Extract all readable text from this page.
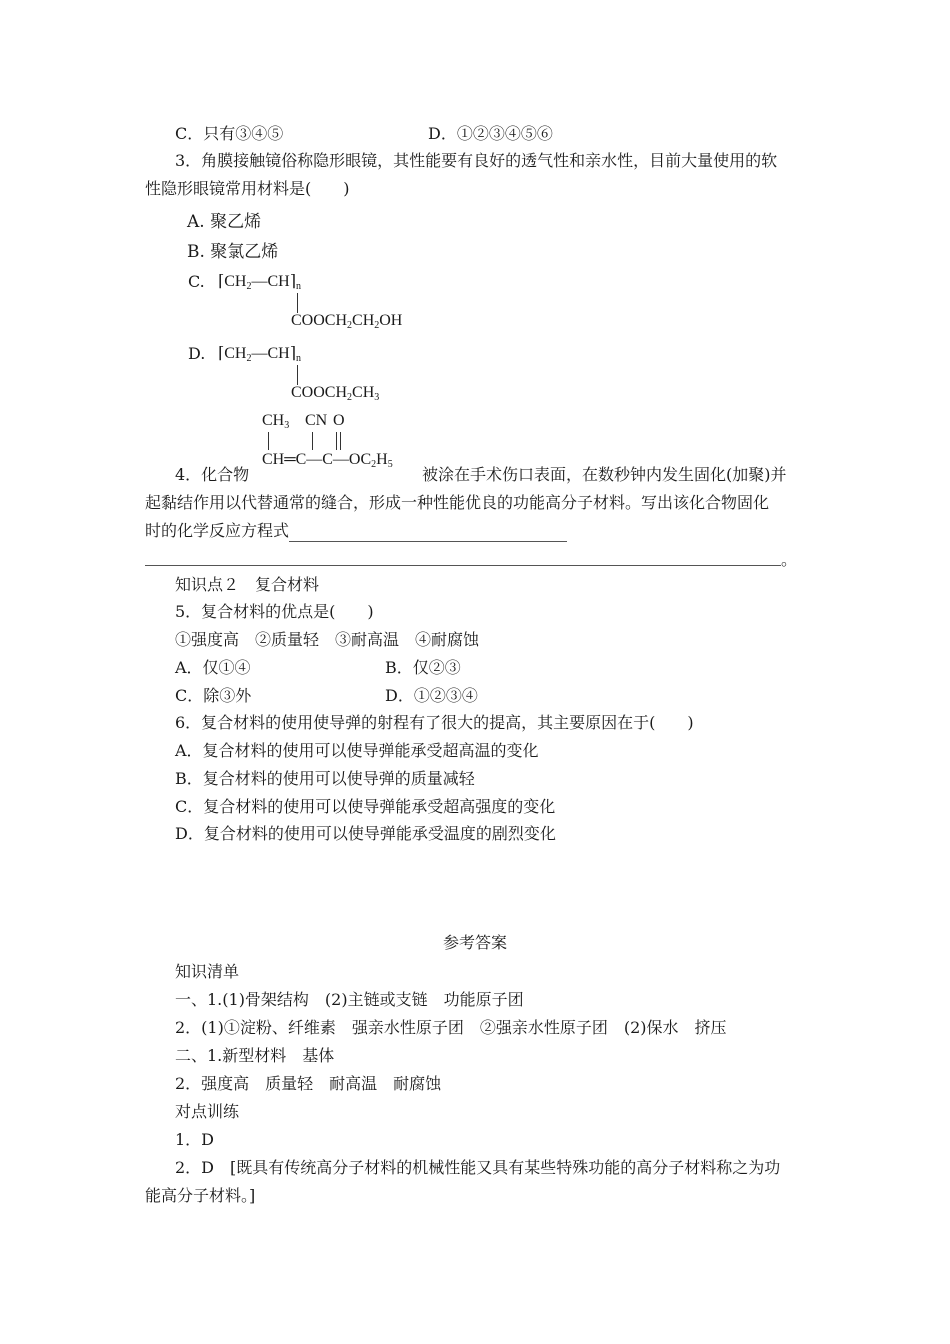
C．只有③④⑤	D．①②③④⑤⑥
3．角膜接触镜俗称隐形眼镜，其性能要有良好的透气性和亲水性，目前大量使用的软
性隐形眼镜常用材料是(　　)
A. 聚乙烯
B. 聚氯乙烯
C. $⌈CH_2—CH⌉_n$
$COOCH_2CH_2OH$
D. $⌈CH_2—CH⌉_n$
$COOCH_2CH_3$
$CH_3$ CN O
$CH═C—C—OC_2H_5$
4．化合物	被涂在手术伤口表面，在数秒钟内发生固化(加聚)并
起黏结作用以代替通常的缝合，形成一种性能优良的功能高分子材料。写出该化合物固化
时的化学反应方程式
。
知识点２　复合材料
5．复合材料的优点是(　　)
①强度高　②质量轻　③耐高温　④耐腐蚀
A．仅①④	B．仅②③
C．除③外	D．①②③④
6．复合材料的使用使导弹的射程有了很大的提高，其主要原因在于(　　)
A．复合材料的使用可以使导弹能承受超高温的变化
B．复合材料的使用可以使导弹的质量减轻
C．复合材料的使用可以使导弹能承受超高强度的变化
D．复合材料的使用可以使导弹能承受温度的剧烈变化
参考答案
知识清单
一、1.(1)骨架结构　(2)主链或支链　功能原子团
2．(1)①淀粉、纤维素　强亲水性原子团　②强亲水性原子团　(2)保水　挤压
二、1.新型材料　基体
2．强度高　质量轻　耐高温　耐腐蚀
对点训练
1．D
2．D　[既具有传统高分子材料的机械性能又具有某些特殊功能的高分子材料称之为功
能高分子材料。]
